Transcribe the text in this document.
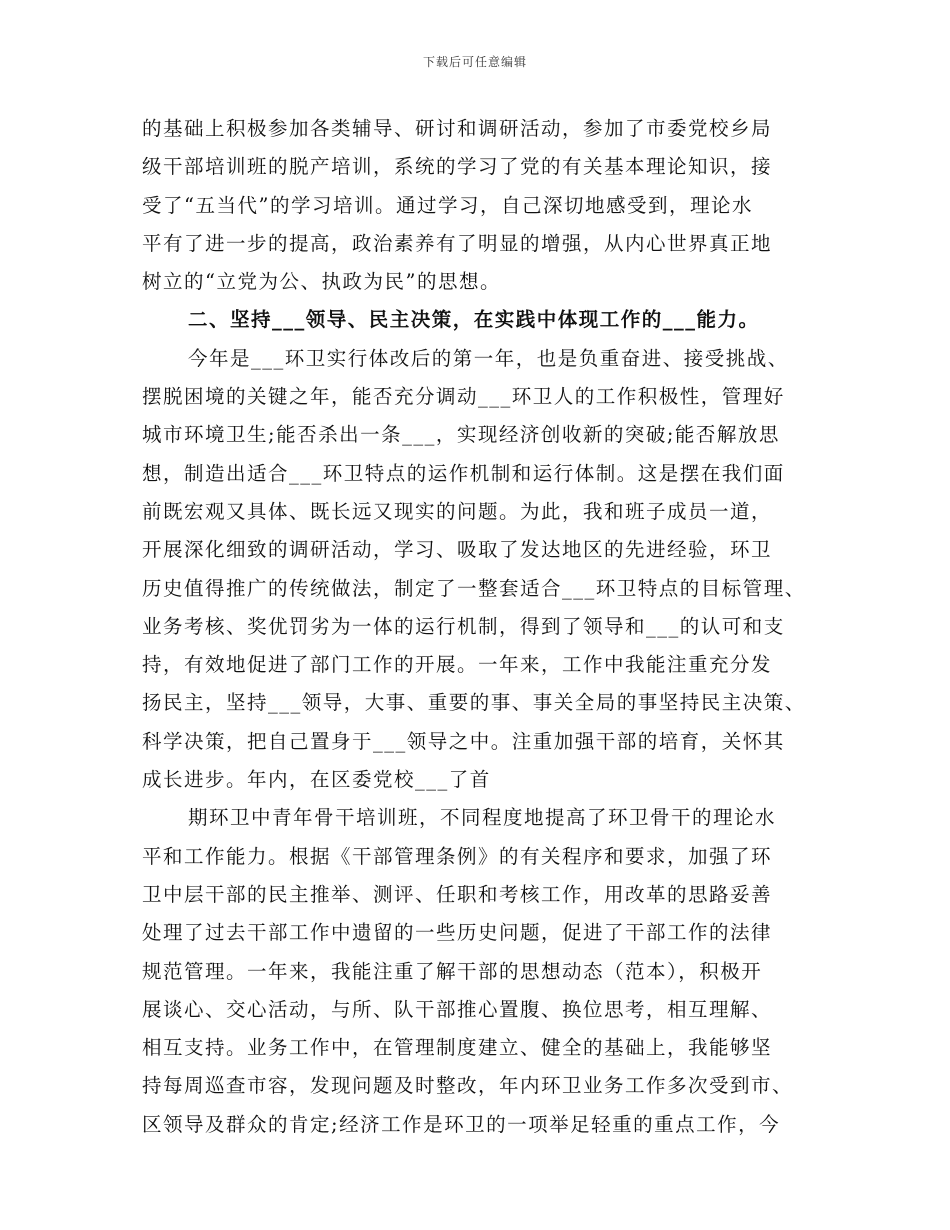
下载后可任意编辑
的基础上积极参加各类辅导、研讨和调研活动，参加了市委党校乡局
级干部培训班的脱产培训，系统的学习了党的有关基本理论知识，接
受了“五当代”的学习培训。通过学习，自己深切地感受到，理论水
平有了进一步的提高，政治素养有了明显的增强，从内心世界真正地
树立的“立党为公、执政为民”的思想。
二、坚持___领导、民主决策，在实践中体现工作的___能力。
今年是___环卫实行体改后的第一年，也是负重奋进、接受挑战、
摆脱困境的关键之年，能否充分调动___环卫人的工作积极性，管理好
城市环境卫生;能否杀出一条___，实现经济创收新的突破;能否解放思
想，制造出适合___环卫特点的运作机制和运行体制。这是摆在我们面
前既宏观又具体、既长远又现实的问题。为此，我和班子成员一道，
开展深化细致的调研活动，学习、吸取了发达地区的先进经验，环卫
历史值得推广的传统做法，制定了一整套适合___环卫特点的目标管理、
业务考核、奖优罚劣为一体的运行机制，得到了领导和___的认可和支
持，有效地促进了部门工作的开展。一年来，工作中我能注重充分发
扬民主，坚持___领导，大事、重要的事、事关全局的事坚持民主决策、
科学决策，把自己置身于___领导之中。注重加强干部的培育，关怀其
成长进步。年内，在区委党校___了首
期环卫中青年骨干培训班，不同程度地提高了环卫骨干的理论水
平和工作能力。根据《干部管理条例》的有关程序和要求，加强了环
卫中层干部的民主推举、测评、任职和考核工作，用改革的思路妥善
处理了过去干部工作中遗留的一些历史问题，促进了干部工作的法律
规范管理。一年来，我能注重了解干部的思想动态（范本），积极开
展谈心、交心活动，与所、队干部推心置腹、换位思考，相互理解、
相互支持。业务工作中，在管理制度建立、健全的基础上，我能够坚
持每周巡查市容，发现问题及时整改，年内环卫业务工作多次受到市、
区领导及群众的肯定;经济工作是环卫的一项举足轻重的重点工作，今
